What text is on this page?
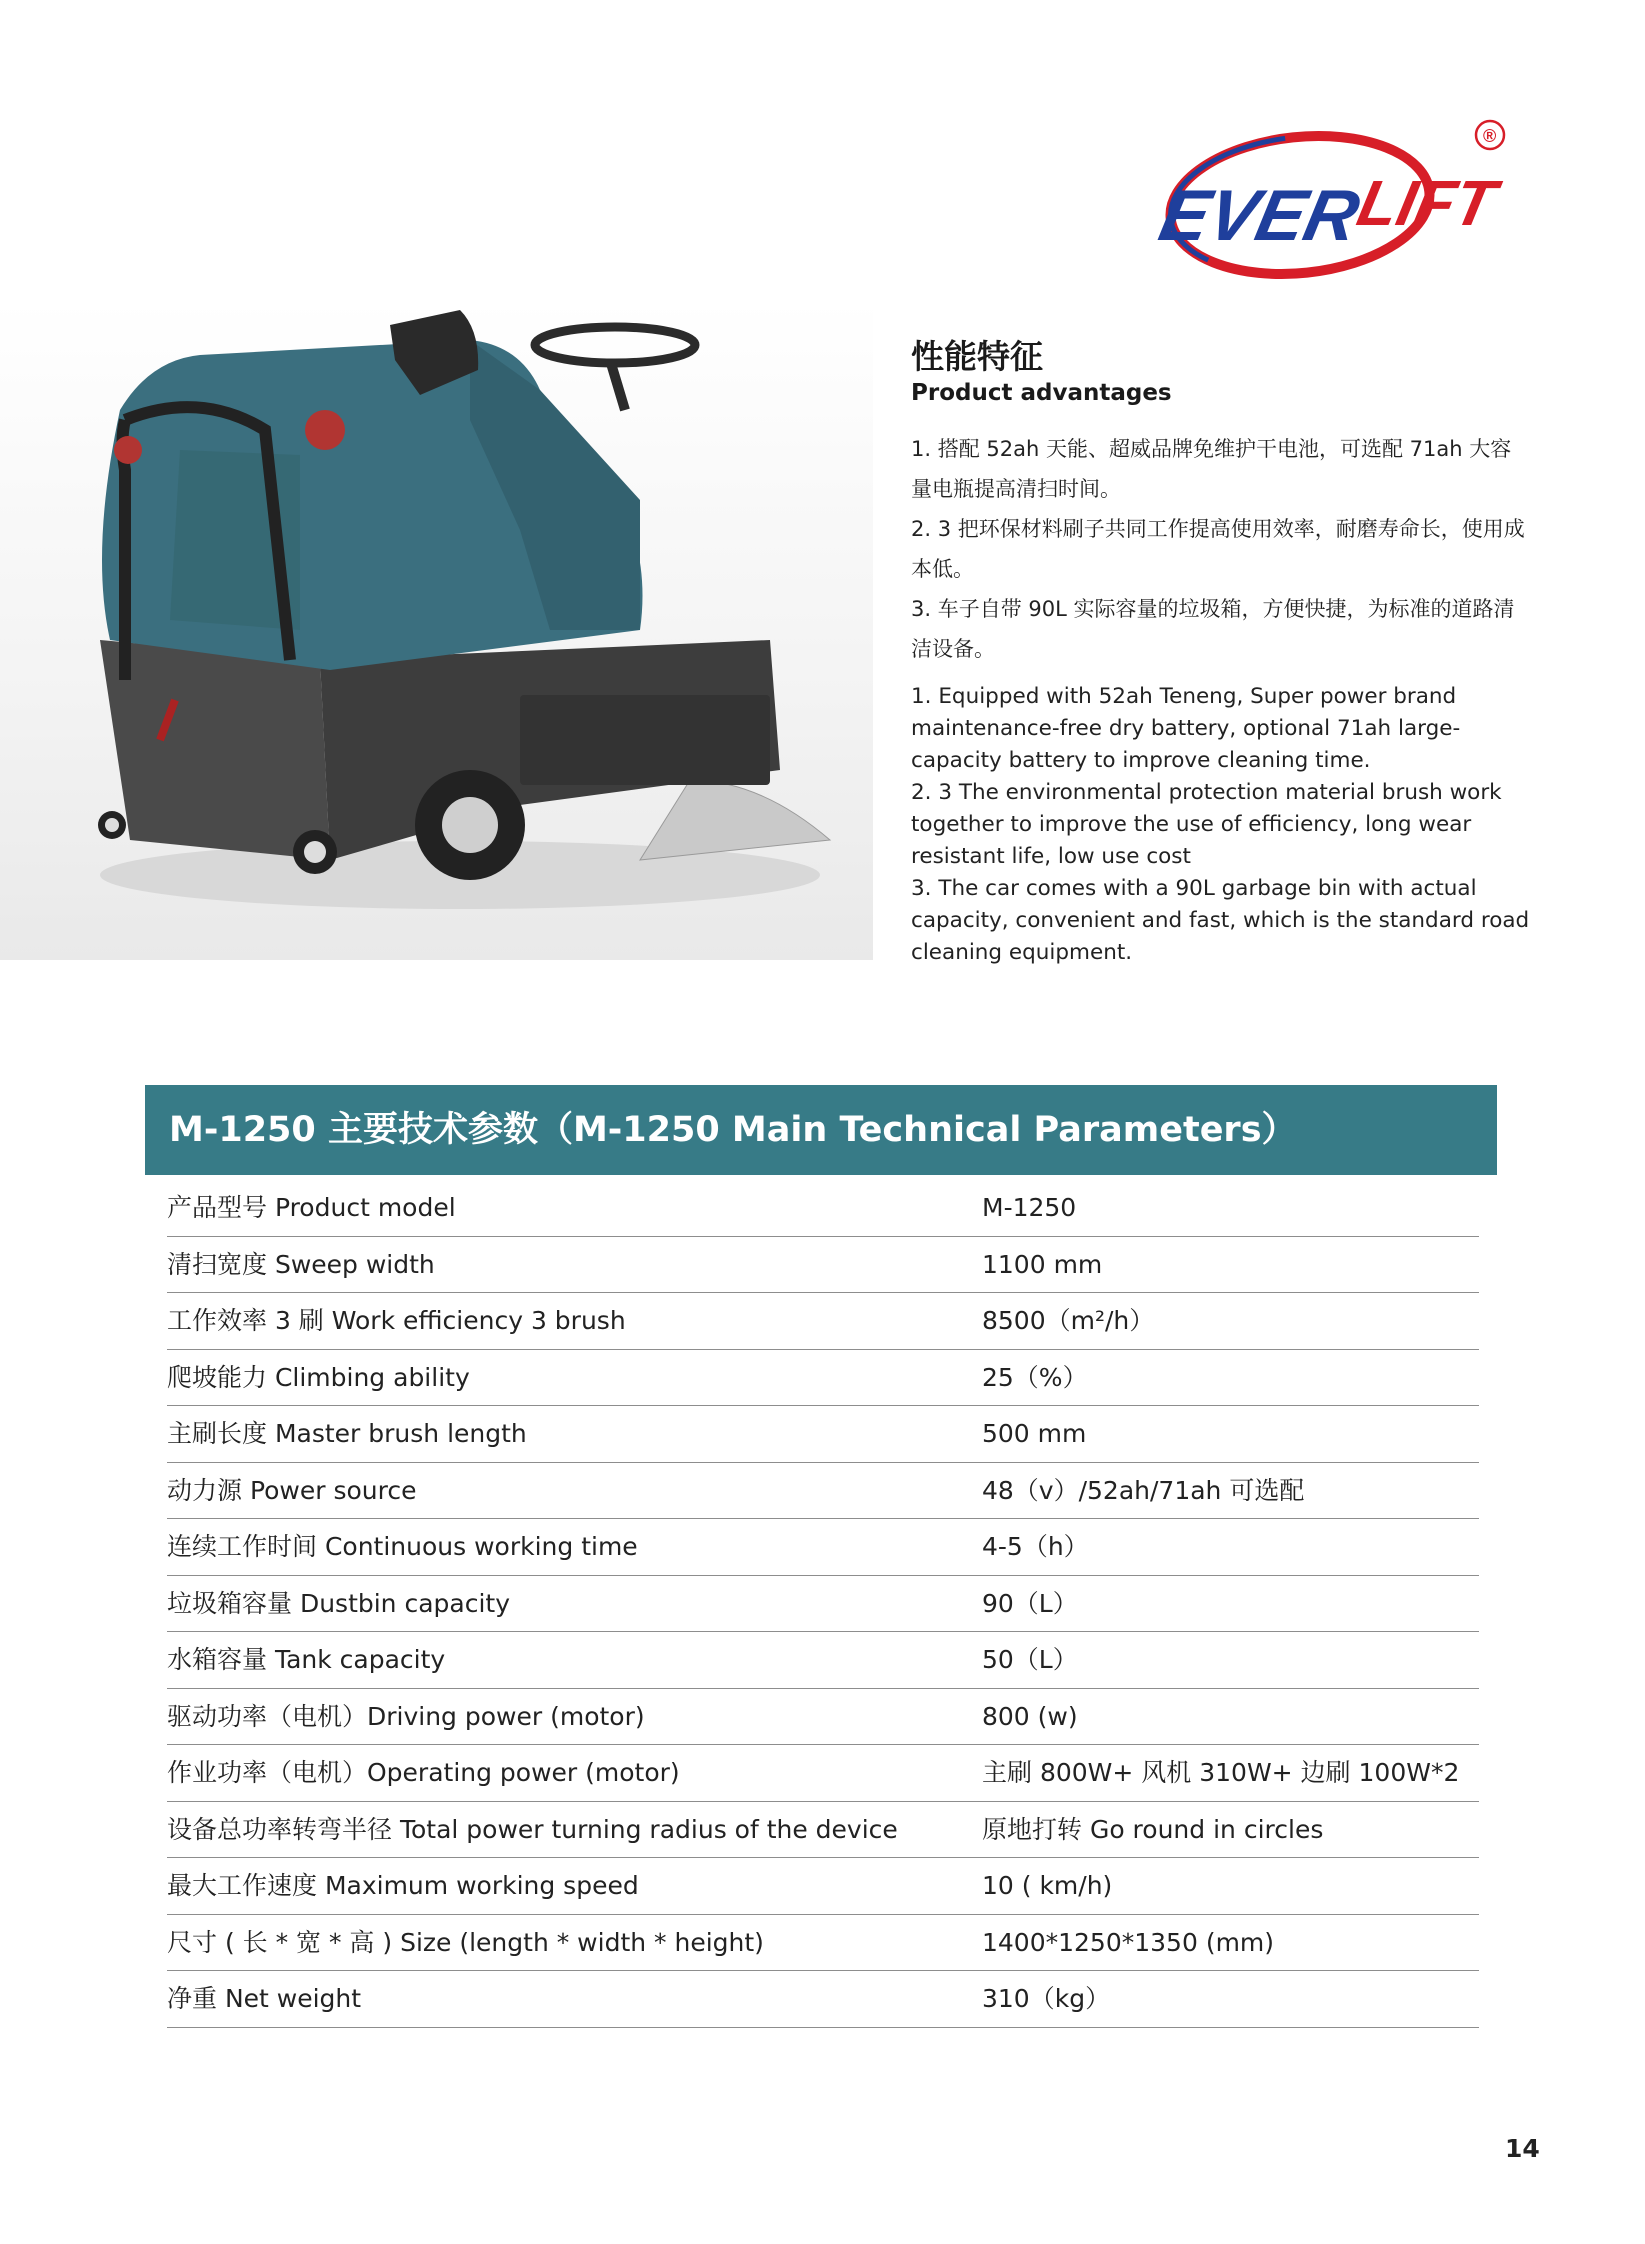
EVER
LIFT
®
性能特征
Product advantages

1. 搭配 52ah 天能、超威品牌免维护干电池，可选配 71ah 大容量电瓶提高清扫时间。

2. 3 把环保材料刷子共同工作提高使用效率，耐磨寿命长，使用成本低。

3. 车子自带 90L 实际容量的垃圾箱，方便快捷，为标准的道路清洁设备。

1. Equipped with 52ah Teneng, Super power brand maintenance-free dry battery, optional 71ah large-capacity battery to improve cleaning time.

2. 3 The environmental protection material brush work together to improve the use of efficiency, long wear resistant life, low use cost

3. The car comes with a 90L garbage bin with actual capacity, convenient and fast, which is the standard road cleaning equipment.

M-1250 主要技术参数（M-1250 Main Technical Parameters）
产品型号 Product model	M-1250
清扫宽度 Sweep width	1100 mm
工作效率 3 刷 Work efficiency 3 brush	8500（m²/h）
爬坡能力 Climbing ability	25（%）
主刷长度 Master brush length	500 mm
动力源 Power source	48（v）/52ah/71ah 可选配
连续工作时间 Continuous working time	4-5（h）
垃圾箱容量 Dustbin capacity	90（L）
水箱容量 Tank capacity	50（L）
驱动功率（电机）Driving power (motor)	800 (w)
作业功率（电机）Operating power (motor)	主刷 800W+ 风机 310W+ 边刷 100W*2
设备总功率转弯半径 Total power turning radius of the device	原地打转 Go round in circles
最大工作速度 Maximum working speed	10 ( km/h)
尺寸 ( 长 * 宽 * 高 ) Size (length * width * height)	1400*1250*1350 (mm)
净重 Net weight	310（kg）
14
